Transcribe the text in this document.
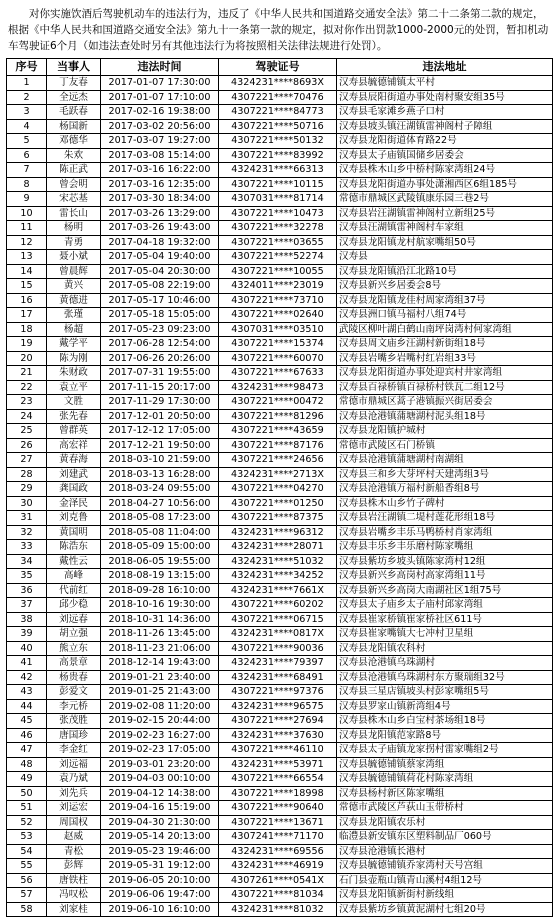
对你实施饮酒后驾驶机动车的违法行为，违反了《中华人民共和国道路交通安全法》第二十二条第二款的规定，根据《中华人民共和国道路交通安全法》第九十一条第一款的规定，拟对你作出罚款1000-2000元的处罚，暂扣机动车驾驶证6个月（如违法查处时另有其他违法行为将按照相关法律法规进行处罚）。

序号	当事人	违法时间	驾驶证号	违法地址
1	丁友春	2017-01-07 17:30:00	4324231****8693X	汉寿县毓德铺镇太平村
2	全远杰	2017-01-07 17:10:00	4307221****70476	汉寿县辰阳街道办事处南村聚安组35号
3	毛跃春	2017-02-16 19:38:00	4307221****84773	汉寿县毛家滩乡燕子口村
4	杨国新	2017-03-02 20:56:00	4307221****50716	汉寿县坡头镇汪湖镇雷神阁村子障组
5	邓德华	2017-03-07 19:27:00	4307221****50132	汉寿县龙阳街道体育路22号
6	朱欢	2017-03-08 15:14:00	4307221****83992	汉寿县太子庙镇国储乡居委会
7	陈正武	2017-03-16 16:22:00	4324231****66313	汉寿县株木山乡中桥村陈家湾组24号
8	曾会明	2017-03-16 12:35:00	4307221****10115	汉寿县龙阳街道办事处潇湘西区6组185号
9	宋芯基	2017-03-30 18:34:00	4307031****81714	常德市鼎城区武陵镇康乐园三巷2号
10	雷长山	2017-03-26 13:29:00	4307221****10473	汉寿县岩汪湖镇雷神阁村立新组25号
11	杨明	2017-03-26 19:43:00	4307221****32278	汉寿县汪湖镇雷神阁村车家组
12	青勇	2017-04-18 19:32:00	4307221****03655	汉寿县龙阳镇龙村航家嘴组50号
13	聂小斌	2017-05-04 19:40:00	4307221****52274	汉寿县
14	曾晨辉	2017-05-04 20:30:00	4307221****10055	汉寿县龙阳镇沿江北路10号
15	黄兴	2017-05-08 22:19:00	4324011****23019	汉寿县新兴乡居委会8号
16	黄德进	2017-05-17 10:46:00	4307221****73710	汉寿县龙阳镇龙佳村周家湾组37号
17	张瑾	2017-05-18 15:05:00	4307221****02640	汉寿县洲口镇马福村八组74号
18	杨超	2017-05-23 09:23:00	4307031****03510	武陵区柳叶湖白鹤山南坪岗湾村何家湾组
19	戴学平	2017-06-28 12:54:00	4307221****15374	汉寿县周文庙乡汪湖村新街组18号
20	陈为刚	2017-06-26 20:26:00	4307221****60070	汉寿县岩嘴乡岩嘴村红岩组33号
21	朱财政	2017-07-31 19:55:00	4307221****67633	汉寿县龙阳街道办事处迎宾村井家湾组
22	袁立平	2017-11-15 20:17:00	4324231****98473	汉寿县百禄桥镇百禄桥村铁瓦二组12号
23	文胜	2017-11-29 17:30:00	4307221****00472	常德市鼎城区蒿子港镇振兴街居委会
24	张先春	2017-12-01 20:50:00	4307221****81296	汉寿县沧港镇蒲塘湖村泥头组18号
25	曾群英	2017-12-12 17:05:00	4307221****43659	汉寿县龙阳镇护城村
26	高宏祥	2017-12-21 19:50:00	4307221****87176	常德市武陵区石门桥镇
27	黄春海	2018-03-10 21:59:00	4307221****24656	汉寿县沧港镇蒲塘湖村南湖组
28	刘建武	2018-03-13 16:28:00	4324231****2713X	汉寿县三和乡大芽坪村天建湾组3号
29	龚国政	2018-03-24 09:55:00	4307221****04270	汉寿县沧港镇万福村新船香组8号
30	金泽民	2018-04-27 10:56:00	4307221****01250	汉寿县株木山乡竹子碑村
31	刘克鲁	2018-05-08 17:23:00	4307221****87375	汉寿县岩汪湖镇二堤村莲花形组18号
32	黄国明	2018-05-08 11:04:00	4324231****96312	汉寿县岩嘴乡丰乐马鸭桥村肖家湾组
33	陈浩东	2018-05-09 15:00:00	4324231****28071	汉寿县丰乐乡丰乐磨村陈家嘴组
34	戴性云	2018-06-05 19:55:00	4324231****51032	汉寿县紫坊乡坡头镇陈家湾村12组
35	高峰	2018-08-19 13:15:00	4324231****34252	汉寿县新兴乡高岗村高家湾组11号
36	代前红	2018-09-28 16:10:00	4324231****7661X	汉寿县新兴乡高岗大南湖社区1组75号
37	邱少稳	2018-10-16 19:30:00	4307221****60202	汉寿县太子庙乡太子庙村邱家湾组
38	刘远春	2018-10-31 14:36:00	4307221****06715	汉寿县崔家桥镇崔家桥社区611号
39	胡立强	2018-11-26 13:45:00	4324231****0817X	汉寿县崔家嘴镇大七冲村卫星组
40	熊立东	2018-11-23 21:06:00	4307221****90036	汉寿县龙阳镇农科村
41	高景章	2018-12-14 19:43:00	4324231****79397	汉寿县沧港镇乌珠湖村
42	杨贵春	2019-01-21 23:40:00	4324231****68491	汉寿县沧港镇乌珠湖村东方聚瑞组32号
43	彭爱文	2019-01-25 21:43:00	4307221****97376	汉寿县三星店镇坡头村彭家嘴组5号
44	李元桥	2019-02-08 11:20:00	4324231****96575	汉寿县罗家山镇新湾组4号
45	张茂胜	2019-02-15 20:44:00	4307221****27694	汉寿县株木山乡白宝村茶场组18号
46	唐国珍	2019-02-23 16:27:00	4324231****37630	汉寿县龙阳镇范家路8号
47	李金红	2019-02-23 17:05:00	4307221****46110	汉寿县太子庙镇龙家拐村雷家嘴组2号
48	刘远福	2019-03-01 23:20:00	4324231****53971	汉寿县毓德铺镇蔡家湾组
49	袁乃斌	2019-04-03 00:10:00	4307221****66554	汉寿县毓德铺镇荷花村陈家湾组
50	刘先兵	2019-04-12 14:38:00	4307221****18998	汉寿县杨村新区陈家嘴组
51	刘运宏	2019-04-16 15:19:00	4307221****90640	常德市武陵区芦荻山玉带桥村
52	周国权	2019-04-30 21:30:00	4307221****13671	汉寿县龙阳镇农乐村
53	赵威	2019-05-14 20:13:00	4307241****71170	临澧县新安镇东区塑料制品厂060号
54	青松	2019-05-23 19:46:00	4324231****69556	汉寿县沧港镇长港村
55	彭辉	2019-05-31 19:12:00	4324231****46919	汉寿县毓德铺镇乔家湾村天号宫组
56	唐铁柱	2019-06-05 20:10:00	4307261****0541X	石门县壶瓶山镇青山溪村4组12号
57	冯叹松	2019-06-06 19:47:00	4307221****81034	汉寿县龙阳镇新街村新线组
58	刘家桂	2019-06-10 16:10:00	4324231****81032	汉寿县紫坊乡镇黄泥湖村七组20号
